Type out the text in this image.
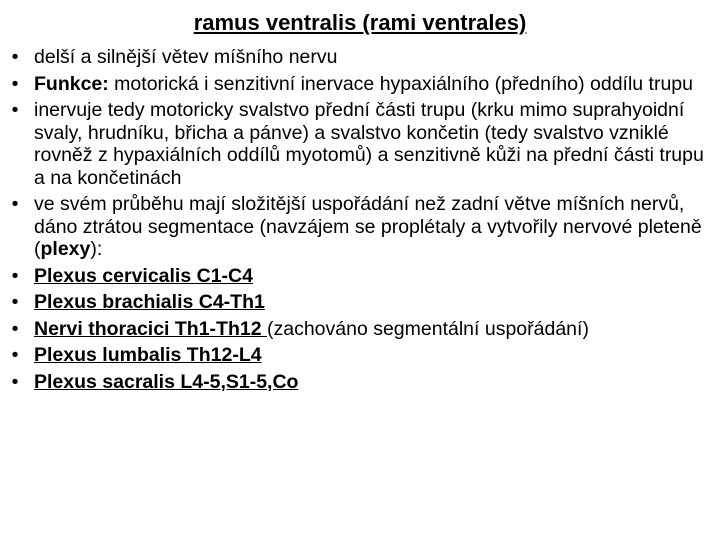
ramus ventralis (rami ventrales)
• delší a silnější větev míšního nervu
• Funkce: motorická i senzitivní inervace hypaxiálního (předního) oddílu trupu
• inervuje tedy motoricky svalstvo přední části trupu (krku mimo suprahyoidní svaly, hrudníku, břicha a pánve) a svalstvo končetin (tedy svalstvo vzniklé rovněž z hypaxiálních oddílů myotomů) a senzitivně kůži na přední části trupu a na končetinách
• ve svém průběhu mají složitější uspořádání než zadní větve míšních nervů, dáno ztrátou segmentace (navzájem se proplétaly a vytvořily nervové pleteně (plexy):
• Plexus cervicalis C1-C4
• Plexus brachialis C4-Th1
• Nervi thoracici Th1-Th12 (zachováno segmentální uspořádání)
• Plexus lumbalis Th12-L4
• Plexus sacralis L4-5,S1-5,Co
